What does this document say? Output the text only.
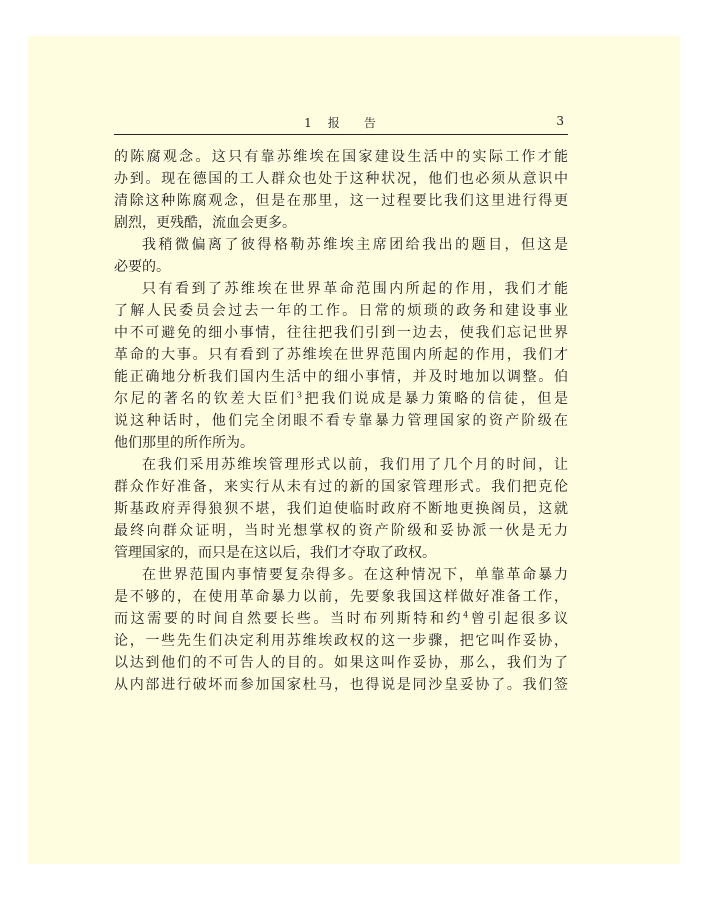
1 报 告	3
的陈腐观念。这只有靠苏维埃在国家建设生活中的实际工作才能
办到。现在德国的工人群众也处于这种状况，他们也必须从意识中
清除这种陈腐观念，但是在那里，这一过程要比我们这里进行得更
剧烈，更残酷，流血会更多。
我稍微偏离了彼得格勒苏维埃主席团给我出的题目，但这是
必要的。
只有看到了苏维埃在世界革命范围内所起的作用，我们才能
了解人民委员会过去一年的工作。日常的烦琐的政务和建设事业
中不可避免的细小事情，往往把我们引到一边去，使我们忘记世界
革命的大事。只有看到了苏维埃在世界范围内所起的作用，我们才
能正确地分析我们国内生活中的细小事情，并及时地加以调整。伯
尔尼的著名的钦差大臣们$^3$把我们说成是暴力策略的信徒，但是
说这种话时，他们完全闭眼不看专靠暴力管理国家的资产阶级在
他们那里的所作所为。
在我们采用苏维埃管理形式以前，我们用了几个月的时间，让
群众作好准备，来实行从未有过的新的国家管理形式。我们把克伦
斯基政府弄得狼狈不堪，我们迫使临时政府不断地更换阁员，这就
最终向群众证明，当时光想掌权的资产阶级和妥协派一伙是无力
管理国家的，而只是在这以后，我们才夺取了政权。
在世界范围内事情要复杂得多。在这种情况下，单靠革命暴力
是不够的，在使用革命暴力以前，先要象我国这样做好准备工作，
而这需要的时间自然要长些。当时布列斯特和约$^4$曾引起很多议
论，一些先生们决定利用苏维埃政权的这一步骤，把它叫作妥协，
以达到他们的不可告人的目的。如果这叫作妥协，那么，我们为了
从内部进行破坏而参加国家杜马，也得说是同沙皇妥协了。我们签
